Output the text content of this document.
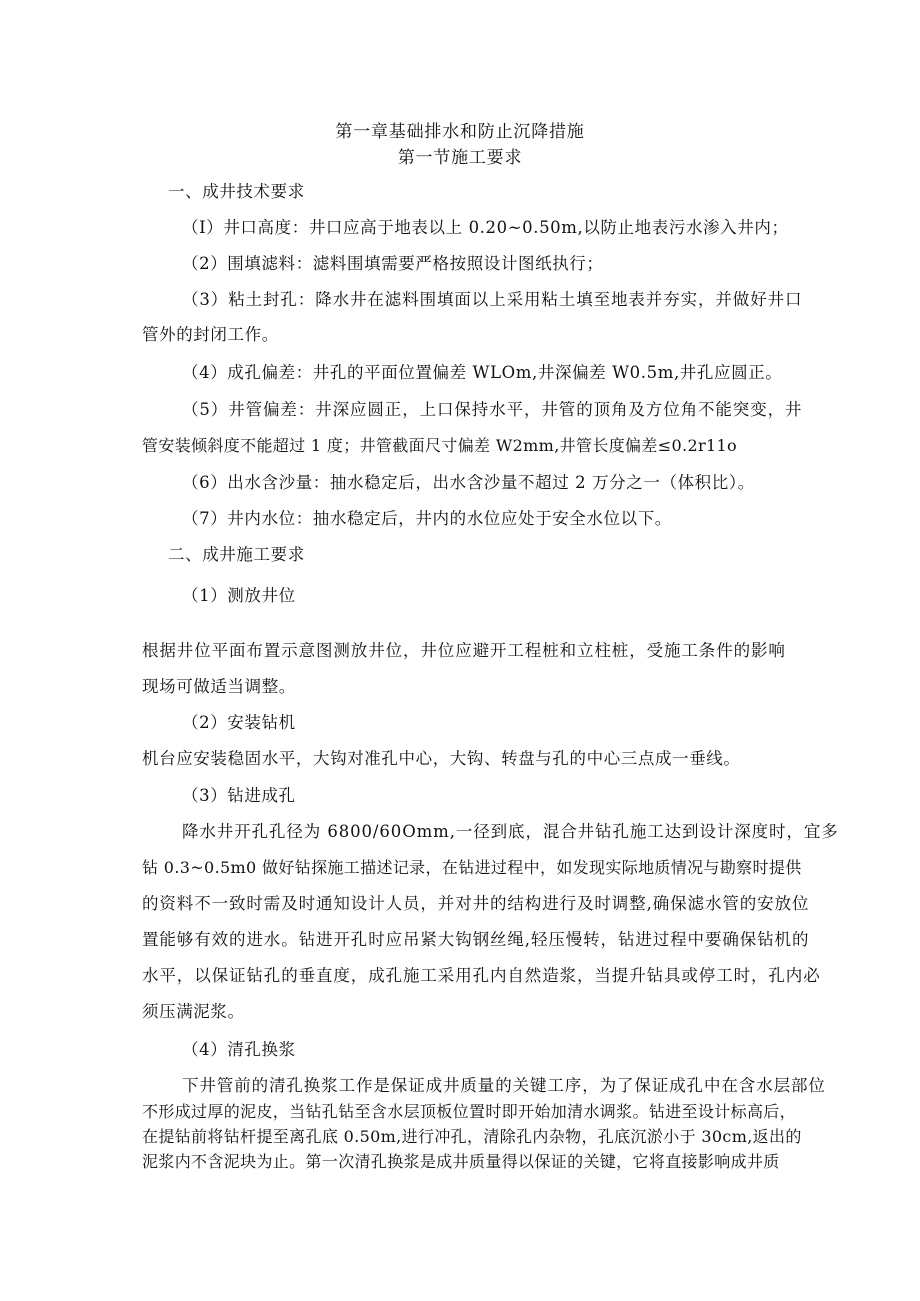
第一章基础排水和防止沉降措施
第一节施工要求
一、成井技术要求
（I）井口高度：井口应高于地表以上 0.20~0.50m,以防止地表污水渗入井内；
（2）围填滤料：滤料围填需要严格按照设计图纸执行；
（3）粘土封孔：降水井在滤料围填面以上采用粘土填至地表并夯实，并做好井口
管外的封闭工作。
（4）成孔偏差：井孔的平面位置偏差 WLOm,井深偏差 W0.5m,井孔应圆正。
（5）井管偏差：井深应圆正，上口保持水平，井管的顶角及方位角不能突变，井
管安装倾斜度不能超过 1 度；井管截面尺寸偏差 W2mm,井管长度偏差≤0.2r11o
（6）出水含沙量：抽水稳定后，出水含沙量不超过 2 万分之一（体积比）。
（7）井内水位：抽水稳定后，井内的水位应处于安全水位以下。
二、成井施工要求
（1）测放井位
根据井位平面布置示意图测放井位，井位应避开工程桩和立柱桩，受施工条件的影响
现场可做适当调整。
（2）安装钻机
机台应安装稳固水平，大钩对准孔中心，大钩、转盘与孔的中心三点成一垂线。
（3）钻进成孔
降水井开孔孔径为 6800/60Omm,一径到底，混合井钻孔施工达到设计深度时，宜多
钻 0.3~0.5m0 做好钻探施工描述记录，在钻进过程中，如发现实际地质情况与勘察时提供
的资料不一致时需及时通知设计人员，并对井的结构进行及时调整,确保滤水管的安放位
置能够有效的进水。钻进开孔时应吊紧大钩钢丝绳,轻压慢转，钻进过程中要确保钻机的
水平，以保证钻孔的垂直度，成孔施工采用孔内自然造浆，当提升钻具或停工时，孔内必
须压满泥浆。
（4）清孔换浆
下井管前的清孔换浆工作是保证成井质量的关键工序，为了保证成孔中在含水层部位
不形成过厚的泥皮，当钻孔钻至含水层顶板位置时即开始加清水调浆。钻进至设计标高后，
在提钻前将钻杆提至离孔底 0.50m,进行冲孔，清除孔内杂物，孔底沉淤小于 30cm,返出的
泥浆内不含泥块为止。第一次清孔换浆是成井质量得以保证的关键，它将直接影响成井质
